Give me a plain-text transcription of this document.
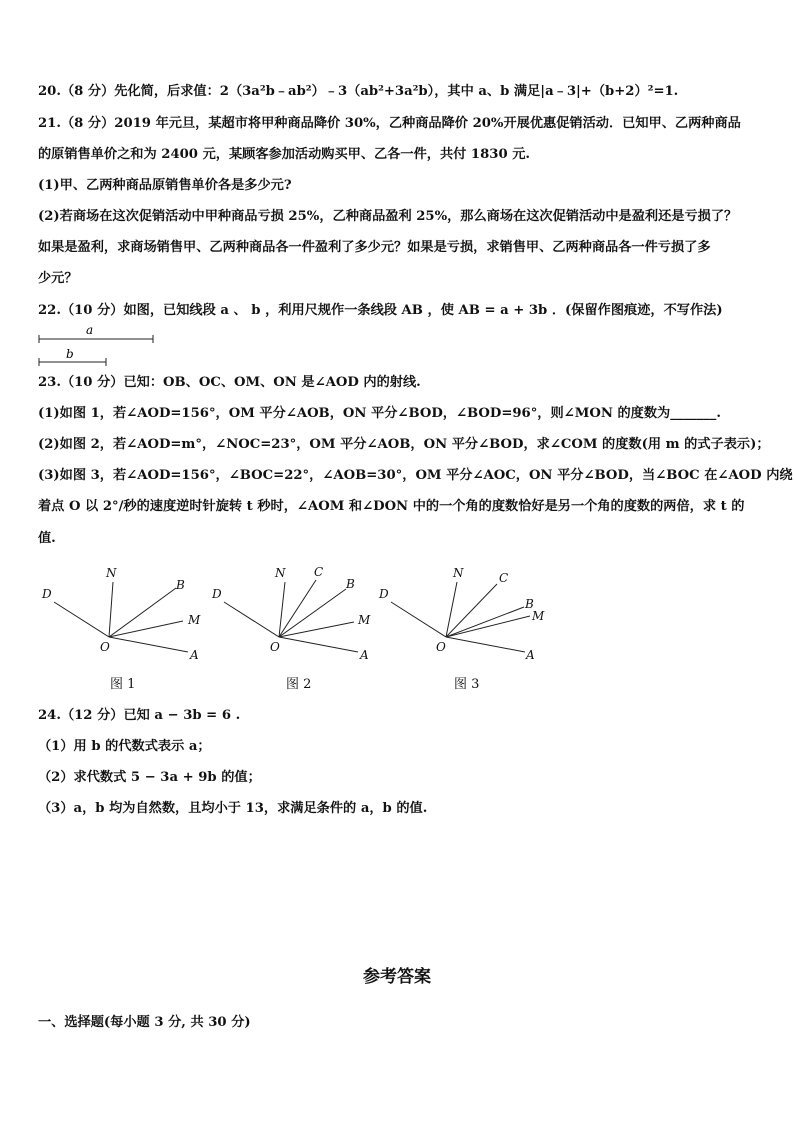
20.（8 分）先化简，后求值：2（3a²b﹣ab²）﹣3（ab²+3a²b），其中 a、b 满足|a﹣3|+（b+2）²=1.
21.（8 分）2019 年元旦，某超市将甲种商品降价 30%，乙种商品降价 20%开展优惠促销活动．已知甲、乙两种商品
的原销售单价之和为 2400 元，某顾客参加活动购买甲、乙各一件，共付 1830 元.
(1)甲、乙两种商品原销售单价各是多少元?
(2)若商场在这次促销活动中甲种商品亏损 25%，乙种商品盈利 25%，那么商场在这次促销活动中是盈利还是亏损了？
如果是盈利，求商场销售甲、乙两种商品各一件盈利了多少元？如果是亏损，求销售甲、乙两种商品各一件亏损了多
少元？
22.（10 分）如图，已知线段 a 、 b ，利用尺规作一条线段 AB ，使 AB = a + 3b ．(保留作图痕迹，不写作法)
a
b
23.（10 分）已知：OB、OC、OM、ON 是∠AOD 内的射线.
(1)如图 1，若∠AOD=156°，OM 平分∠AOB，ON 平分∠BOD，∠BOD=96°，则∠MON 的度数为_______.
(2)如图 2，若∠AOD=m°，∠NOC=23°，OM 平分∠AOB，ON 平分∠BOD，求∠COM 的度数(用 m 的式子表示)；
(3)如图 3，若∠AOD=156°，∠BOC=22°，∠AOB=30°，OM 平分∠AOC，ON 平分∠BOD，当∠BOC 在∠AOD 内绕
着点 O 以 2°/秒的速度逆时针旋转 t 秒时，∠AOM 和∠DON 中的一个角的度数恰好是另一个角的度数的两倍，求 t 的
值.
D
N
B
M
O
A
D
N C
B
M
O
A
D
N	C
B
M
O
A
图 1	图 2	图 3
24.（12 分）已知 a − 3b = 6 .
（1）用 b 的代数式表示 a；
（2）求代数式 5 − 3a + 9b 的值；
（3）a，b 均为自然数，且均小于 13，求满足条件的 a，b 的值.
参考答案
一、选择题(每小题 3 分, 共 30 分)
